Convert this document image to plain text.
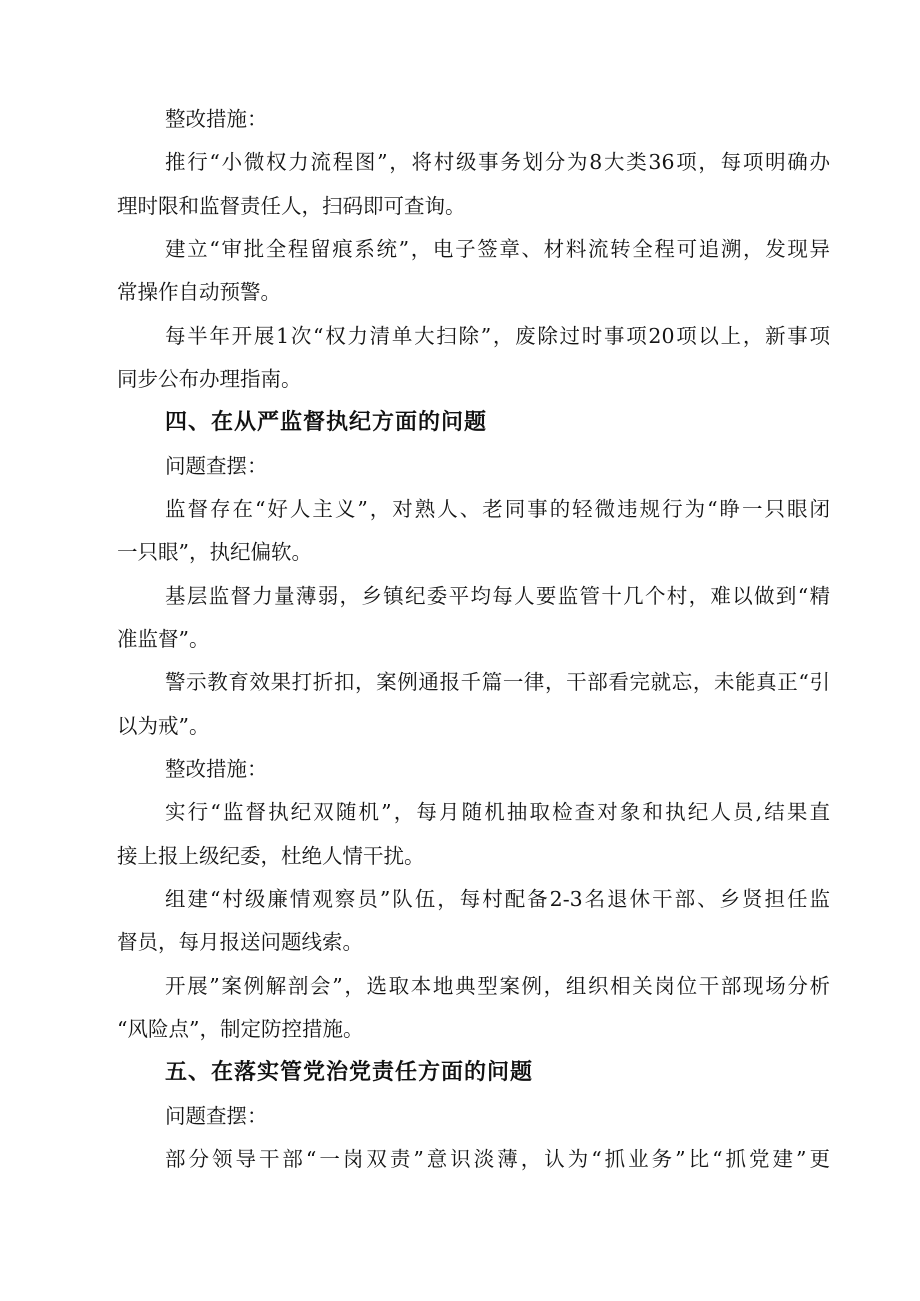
整改措施：
推行“小微权力流程图”，将村级事务划分为8大类36项，每项明确办
理时限和监督责任人，扫码即可查询。
建立“审批全程留痕系统”，电子签章、材料流转全程可追溯，发现异
常操作自动预警。
每半年开展1次“权力清单大扫除”，废除过时事项20项以上，新事项
同步公布办理指南。
四、在从严监督执纪方面的问题
问题查摆：
监督存在“好人主义”，对熟人、老同事的轻微违规行为“睁一只眼闭
一只眼”，执纪偏软。
基层监督力量薄弱，乡镇纪委平均每人要监管十几个村，难以做到“精
准监督”。
警示教育效果打折扣，案例通报千篇一律，干部看完就忘，未能真正“引
以为戒”。
整改措施：
实行“监督执纪双随机”，每月随机抽取检查对象和执纪人员,结果直
接上报上级纪委，杜绝人情干扰。
组建“村级廉情观察员”队伍，每村配备2-3名退休干部、乡贤担任监
督员，每月报送问题线索。
开展”案例解剖会”，选取本地典型案例，组织相关岗位干部现场分析
“风险点”，制定防控措施。
五、在落实管党治党责任方面的问题
问题查摆：
部分领导干部“一岗双责”意识淡薄，认为“抓业务”比“抓党建”更
